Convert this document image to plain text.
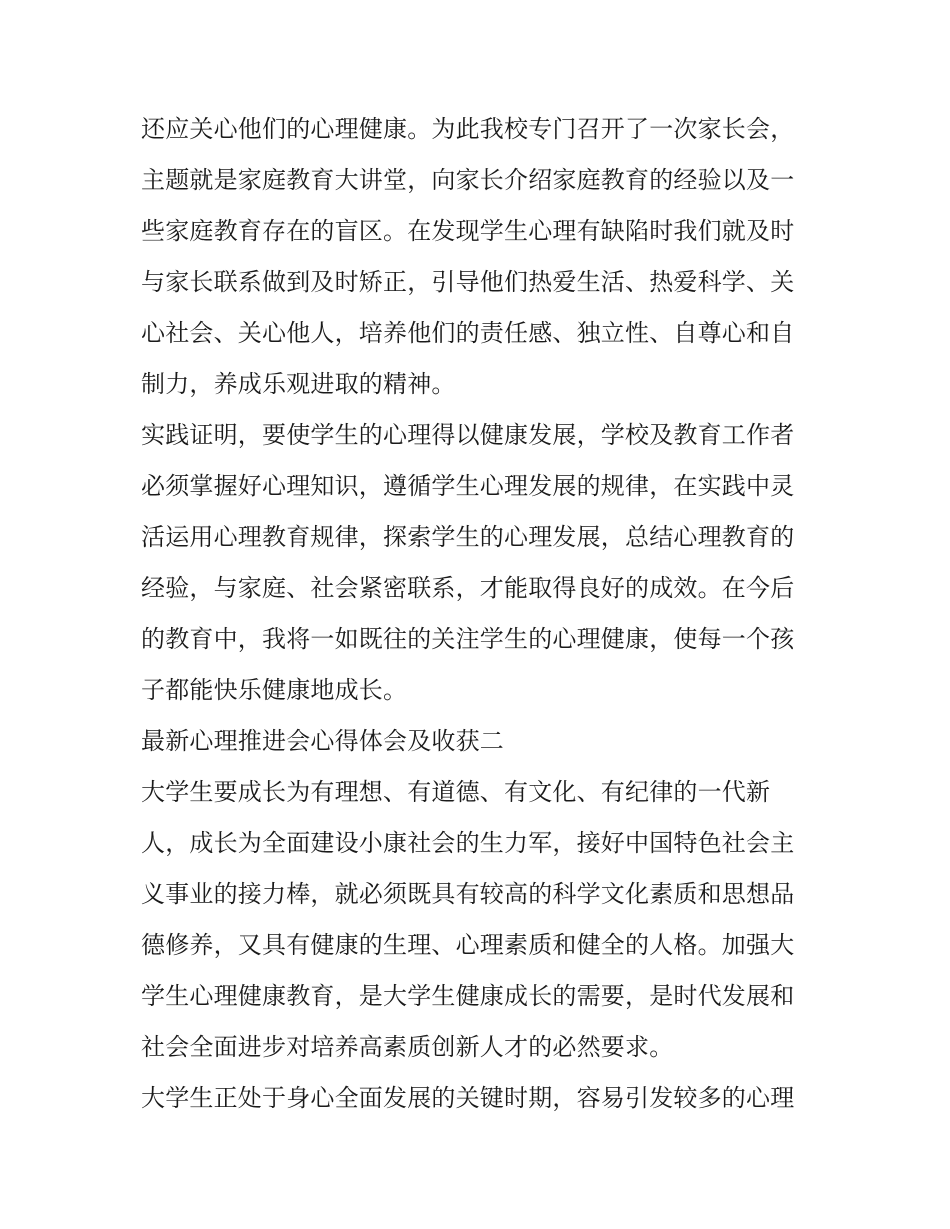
还应关心他们的心理健康。为此我校专门召开了一次家长会，
主题就是家庭教育大讲堂，向家长介绍家庭教育的经验以及一
些家庭教育存在的盲区。在发现学生心理有缺陷时我们就及时
与家长联系做到及时矫正，引导他们热爱生活、热爱科学、关
心社会、关心他人，培养他们的责任感、独立性、自尊心和自
制力，养成乐观进取的精神。
实践证明，要使学生的心理得以健康发展，学校及教育工作者
必须掌握好心理知识，遵循学生心理发展的规律，在实践中灵
活运用心理教育规律，探索学生的心理发展，总结心理教育的
经验，与家庭、社会紧密联系，才能取得良好的成效。在今后
的教育中，我将一如既往的关注学生的心理健康，使每一个孩
子都能快乐健康地成长。
最新心理推进会心得体会及收获二
大学生要成长为有理想、有道德、有文化、有纪律的一代新
人，成长为全面建设小康社会的生力军，接好中国特色社会主
义事业的接力棒，就必须既具有较高的科学文化素质和思想品
德修养，又具有健康的生理、心理素质和健全的人格。加强大
学生心理健康教育，是大学生健康成长的需要，是时代发展和
社会全面进步对培养高素质创新人才的必然要求。
大学生正处于身心全面发展的关键时期，容易引发较多的心理
